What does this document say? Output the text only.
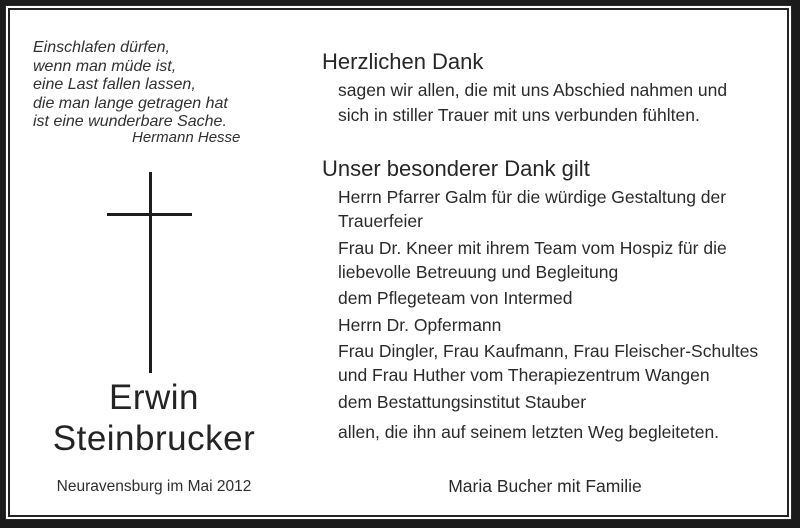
Einschlafen dürfen,
wenn man müde ist,
eine Last fallen lassen,
die man lange getragen hat
ist eine wunderbare Sache.
Hermann Hesse
Erwin
Steinbrucker
Neuravensburg im Mai 2012
Herzlichen Dank

sagen wir allen, die mit uns Abschied nahmen und sich in stiller Trauer mit uns verbunden fühlten.

Unser besonderer Dank gilt

Herrn Pfarrer Galm für die würdige Gestaltung der Trauerfeier

Frau Dr. Kneer mit ihrem Team vom Hospiz für die liebevolle Betreuung und Begleitung

dem Pflegeteam von Intermed

Herrn Dr. Opfermann

Frau Dingler, Frau Kaufmann, Frau Fleischer-Schultes und Frau Huther vom Therapiezentrum Wangen

dem Bestattungsinstitut Stauber

allen, die ihn auf seinem letzten Weg begleiteten.

Maria Bucher mit Familie
